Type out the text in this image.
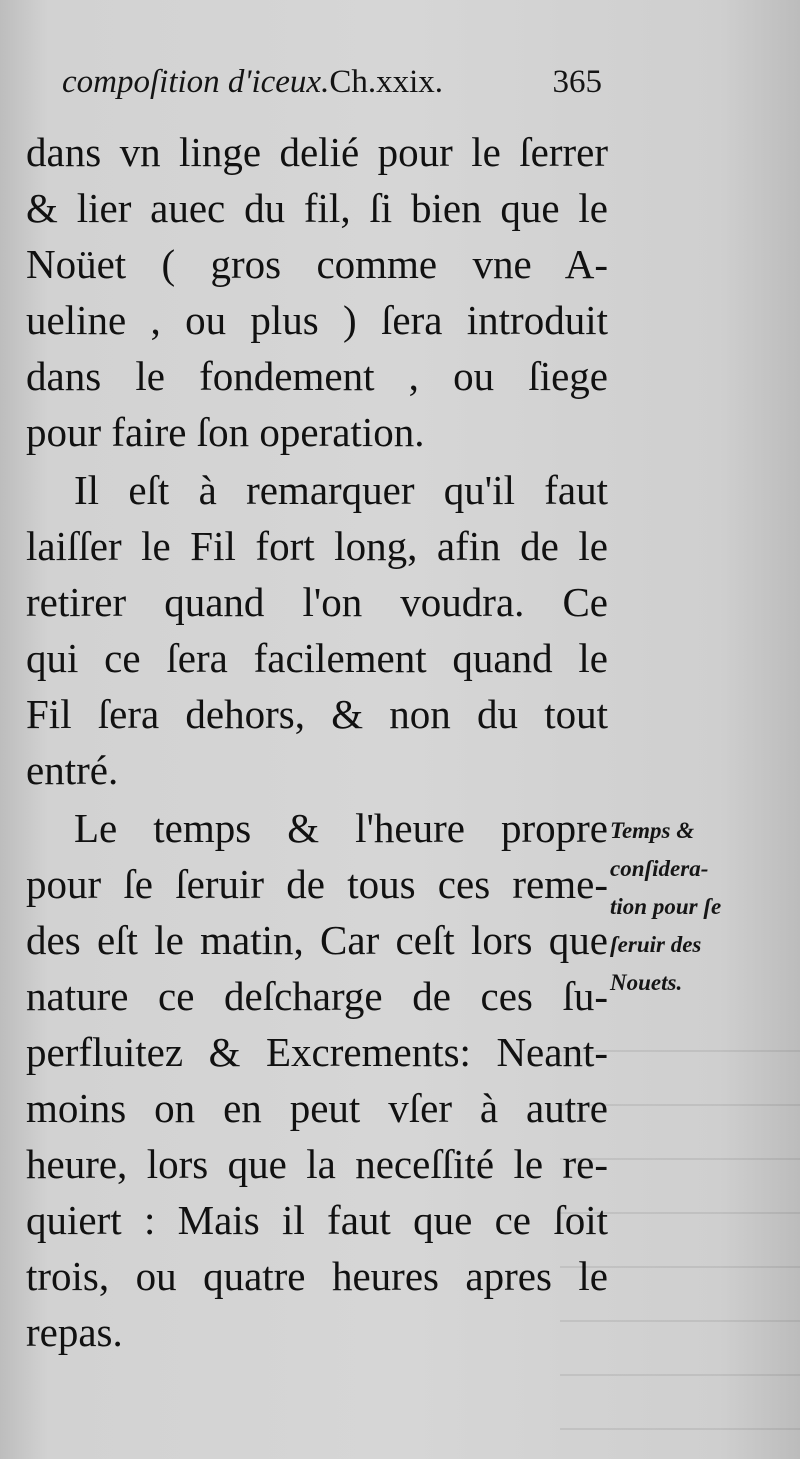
compoſition d'iceux.Ch.xxix.	365
dans vn linge delié pour le ſerrer
& lier auec du fil, ſi bien que le
Noüet ( gros comme vne A-
ueline , ou plus ) ſera introduit
dans le fondement , ou ſiege
pour faire ſon operation.
Il eſt à remarquer qu'il faut
laiſſer le Fil fort long, afin de le
retirer quand l'on voudra. Ce
qui ce ſera facilement quand le
Fil ſera dehors, & non du tout
entré.
Le temps & l'heure propre
pour ſe ſeruir de tous ces reme-
des eſt le matin, Car ceſt lors que
nature ce deſcharge de ces ſu-
perfluitez & Excrements: Neant-
moins on en peut vſer à autre
heure, lors que la neceſſité le re-
quiert : Mais il faut que ce ſoit
trois, ou quatre heures apres le
repas.
Temps &
conſidera-
tion pour ſe
ſeruir des
Nouets.
